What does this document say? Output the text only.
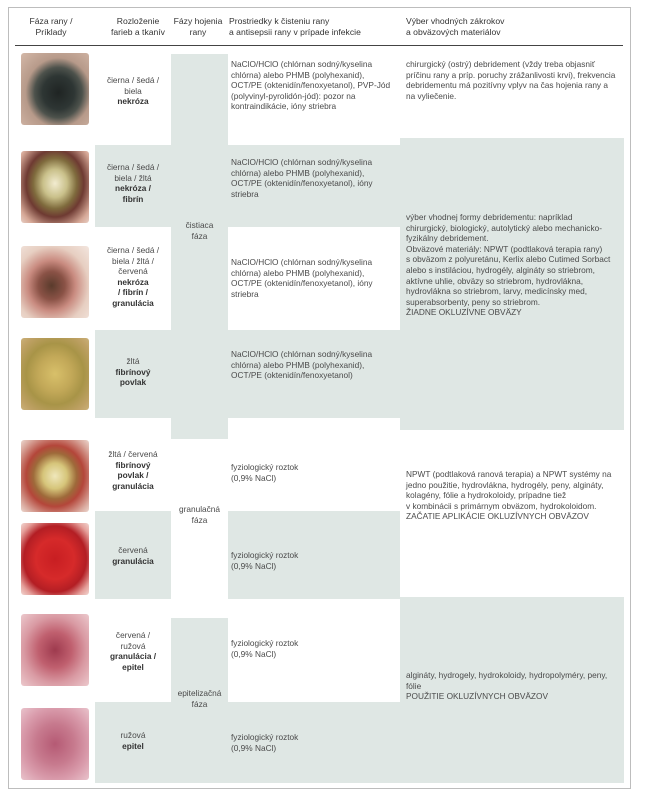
Fáza rany /
Príklady
Rozloženie
farieb a tkanív
Fázy hojenia
rany
Prostriedky k čisteniu rany
a antisepsii rany v prípade infekcie
Výber vhodných zákrokov
a obväzových materiálov
čierna / šedá /
biela
nekróza
čierna / šedá /
biela / žltá
nekróza /
fibrín
čierna / šedá /
biela / žltá /
červená
nekróza
/ fibrín /
granulácia
žltá
fibrínový
povlak
žltá / červená
fibrínový
povlak /
granulácia
červená
granulácia
červená /
ružová
granulácia /
epitel
ružová
epitel
čistiaca
fáza
granulačná
fáza
epitelizačná
fáza
NaClO/HClO (chlórnan sodný/kyselina chlórna) alebo PHMB (polyhexanid), OCT/PE (oktenidín/fenoxyetanol), PVP-Jód (polyvinyl-pyrolidón-jód): pozor na kontraindikácie, ióny striebra
NaClO/HClO (chlórnan sodný/kyselina chlórna) alebo PHMB (polyhexanid), OCT/PE (oktenidín/fenoxyetanol), ióny striebra
NaClO/HClO (chlórnan sodný/kyselina chlórna) alebo PHMB (polyhexanid), OCT/PE (oktenidín/fenoxyetanol), ióny striebra
NaClO/HClO (chlórnan sodný/kyselina chlórna) alebo PHMB (polyhexanid), OCT/PE (oktenidín/fenoxyetanol)
fyziologický roztok
(0,9% NaCl)
fyziologický roztok
(0,9% NaCl)
fyziologický roztok
(0,9% NaCl)
fyziologický roztok
(0,9% NaCl)
chirurgický (ostrý) debridement (vždy treba objasniť príčinu rany a príp. poruchy zrážanlivosti krvi), frekvencia debridementu má pozitívny vplyv na čas hojenia rany a na vyliečenie.
výber vhodnej formy debridementu: napríklad chirurgický, biologický, autolytický alebo mechanicko-fyzikálny debridement.
Obväzové materiály: NPWT (podtlaková terapia rany)
s obväzom z polyuretánu, Kerlix alebo Cutimed Sorbact alebo s instiláciou, hydrogély, algináty so striebrom, aktívne uhlie, obväzy so striebrom, hydrovlákna, hydrovlákna so striebrom, larvy, medicínsky med, superabsorbenty, peny so striebrom.
ŽIADNE OKLUZÍVNE OBVÄZY
NPWT (podtlaková ranová terapia) a NPWT systémy na jedno použitie, hydrovlákna, hydrogély, peny, algináty, kolagény, fólie a hydrokoloidy, prípadne tiež
v kombinácii s primárnym obväzom, hydrokoloidom.
ZAČATIE APLIKÁCIE OKLUZÍVNYCH OBVÄZOV
algináty, hydrogely, hydrokoloidy, hydropolyméry, peny, fólie
POUŽITIE OKLUZÍVNYCH OBVÄZOV
